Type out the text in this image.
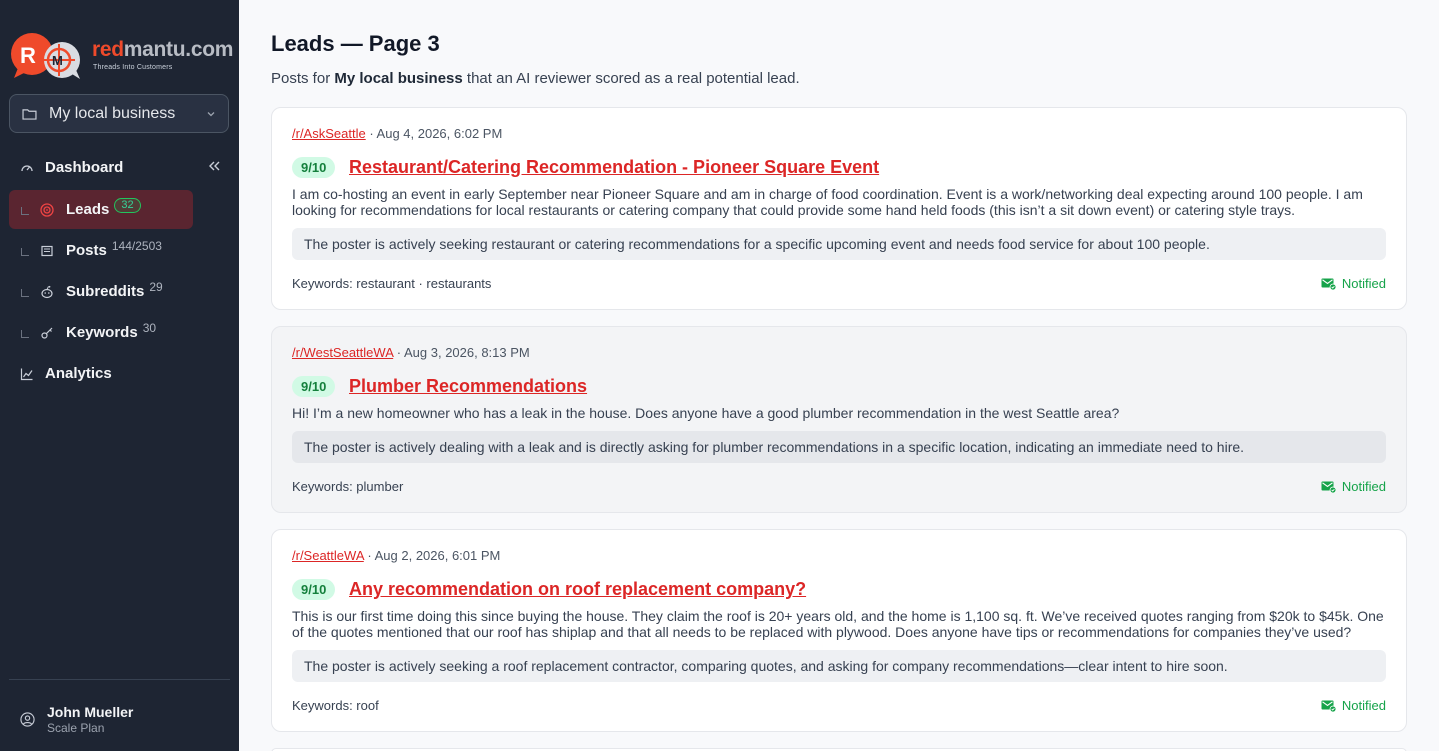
R M redmantu.com
Threads Into Customers
My local business
Dashboard
Leads	32
Posts 144/2503
Subreddits 29
Keywords 30
Analytics
John Mueller
Scale Plan
Leads — Page 3
Posts for My local business that an AI reviewer scored as a real potential lead.
/r/AskSeattle · Aug 4, 2026, 6:02 PM
9/10	Restaurant/Catering Recommendation - Pioneer Square Event
I am co-hosting an event in early September near Pioneer Square and am in charge of food coordination. Event is a work/networking deal expecting around 100 people. I am looking for recommendations for local restaurants or catering company that could provide some hand held foods (this isn’t a sit down event) or catering style trays.
The poster is actively seeking restaurant or catering recommendations for a specific upcoming event and needs food service for about 100 people.
Keywords: restaurant · restaurants	Notified
/r/WestSeattleWA · Aug 3, 2026, 8:13 PM
9/10	Plumber Recommendations
Hi! I’m a new homeowner who has a leak in the house. Does anyone have a good plumber recommendation in the west Seattle area?
The poster is actively dealing with a leak and is directly asking for plumber recommendations in a specific location, indicating an immediate need to hire.
Keywords: plumber	Notified
/r/SeattleWA · Aug 2, 2026, 6:01 PM
9/10	Any recommendation on roof replacement company?
This is our first time doing this since buying the house. They claim the roof is 20+ years old, and the home is 1,100 sq. ft. We’ve received quotes ranging from $20k to $45k. One of the quotes mentioned that our roof has shiplap and that all needs to be replaced with plywood. Does anyone have tips or recommendations for companies they’ve used?
The poster is actively seeking a roof replacement contractor, comparing quotes, and asking for company recommendations—clear intent to hire soon.
Keywords: roof	Notified
